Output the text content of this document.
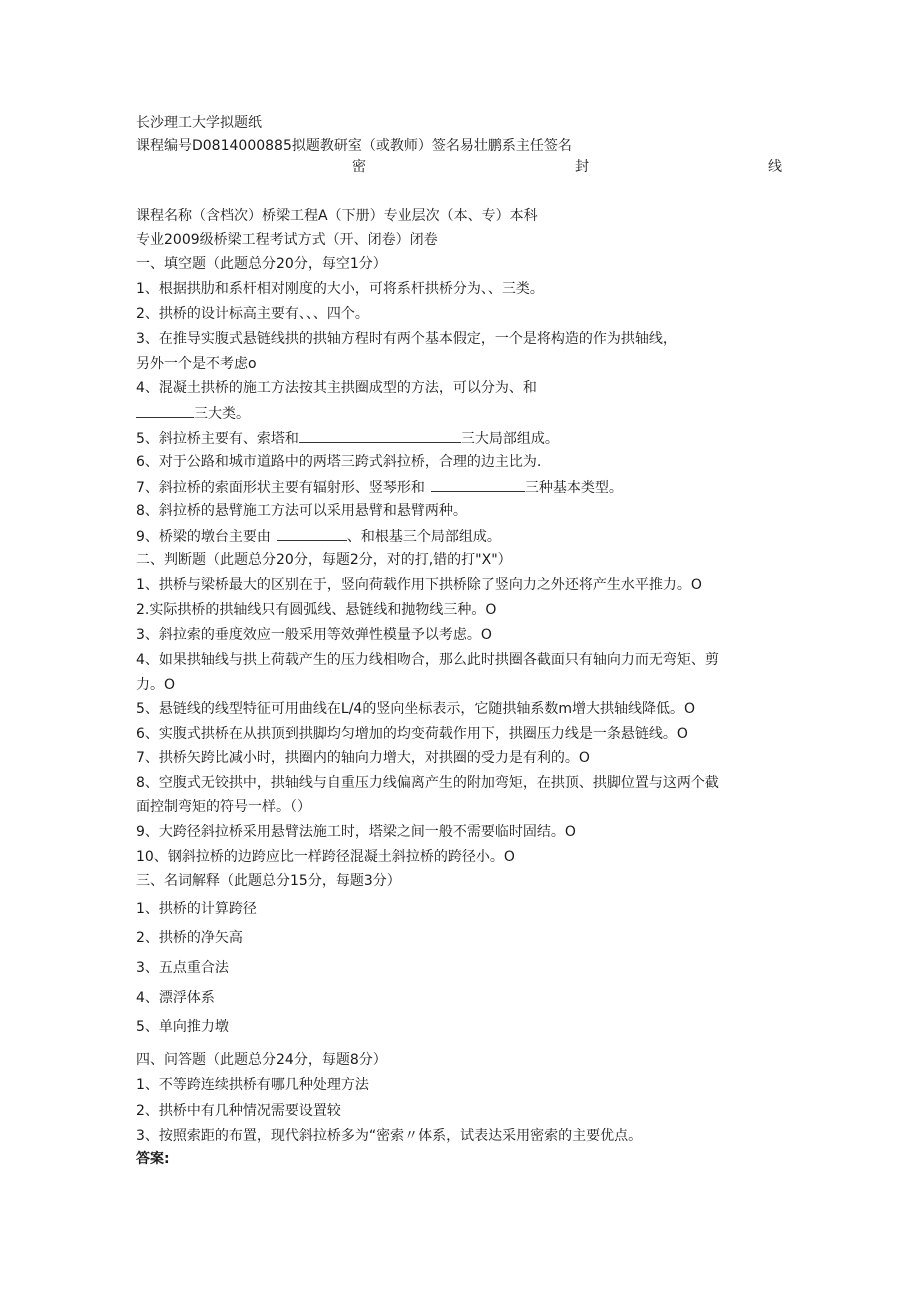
长沙理工大学拟题纸
课程编号D0814000885拟题教研室（或教师）签名易壮鹏系主任签名
密	封	线
课程名称（含档次）桥梁工程A（下册）专业层次（本、专）本科
专业2009级桥梁工程考试方式（开、闭卷）闭卷
一、填空题（此题总分20分，每空1分）
1、根据拱肋和系杆相对刚度的大小，可将系杆拱桥分为、、三类。
2、拱桥的设计标高主要有、、、四个。
3、在推导实腹式悬链线拱的拱轴方程时有两个基本假定，一个是将构造的作为拱轴线，
另外一个是不考虑o
4、混凝土拱桥的施工方法按其主拱圈成型的方法，可以分为、和
三大类。
5、斜拉桥主要有、索塔和	三大局部组成。
6、对于公路和城市道路中的两塔三跨式斜拉桥，合理的边主比为.
7、斜拉桥的索面形状主要有辐射形、竖琴形和	三种基本类型。
8、斜拉桥的悬臂施工方法可以采用悬臂和悬臂两种。
9、桥梁的墩台主要由	、和根基三个局部组成。
二、判断题（此题总分20分，每题2分，对的打,错的打"X"）
1、拱桥与梁桥最大的区别在于，竖向荷载作用下拱桥除了竖向力之外还将产生水平推力。O
2.实际拱桥的拱轴线只有圆弧线、悬链线和抛物线三种。O
3、斜拉索的垂度效应一般采用等效弹性模量予以考虑。O
4、如果拱轴线与拱上荷载产生的压力线相吻合，那么此时拱圈各截面只有轴向力而无弯矩、剪
力。O
5、悬链线的线型特征可用曲线在L/4的竖向坐标表示，它随拱轴系数m增大拱轴线降低。O
6、实腹式拱桥在从拱顶到拱脚均匀增加的均变荷载作用下，拱圈压力线是一条悬链线。O
7、拱桥矢跨比减小时，拱圈内的轴向力增大，对拱圈的受力是有利的。O
8、空腹式无铰拱中，拱轴线与自重压力线偏离产生的附加弯矩，在拱顶、拱脚位置与这两个截
面控制弯矩的符号一样。（）
9、大跨径斜拉桥采用悬臂法施工时，塔梁之间一般不需要临时固结。O
10、钢斜拉桥的边跨应比一样跨径混凝土斜拉桥的跨径小。O
三、名词解释（此题总分15分，每题3分）
1、拱桥的计算跨径
2、拱桥的净矢高
3、五点重合法
4、漂浮体系
5、单向推力墩
四、问答题（此题总分24分，每题8分）
1、不等跨连续拱桥有哪几种处理方法
2、拱桥中有几种情况需要设置较
3、按照索距的布置，现代斜拉桥多为“密索〃体系，试表达采用密索的主要优点。
答案:
